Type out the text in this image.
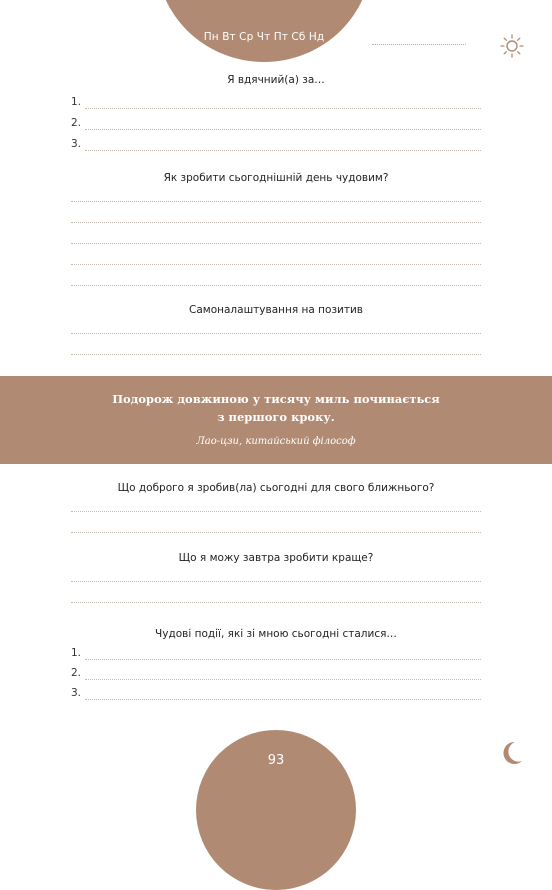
Пн Вт Ср Чт Пт Сб Нд
Я вдячний(а) за…
1.
2.
3.
Як зробити сьогоднішній день чудовим?
Самоналаштування на позитив
Подорож довжиною у тисячу миль починається
з першого кроку.
Лао-цзи, китайський філософ
Що доброго я зробив(ла) сьогодні для свого ближнього?
Що я можу завтра зробити краще?
Чудові події, які зі мною сьогодні сталися…
1.
2.
3.
93
